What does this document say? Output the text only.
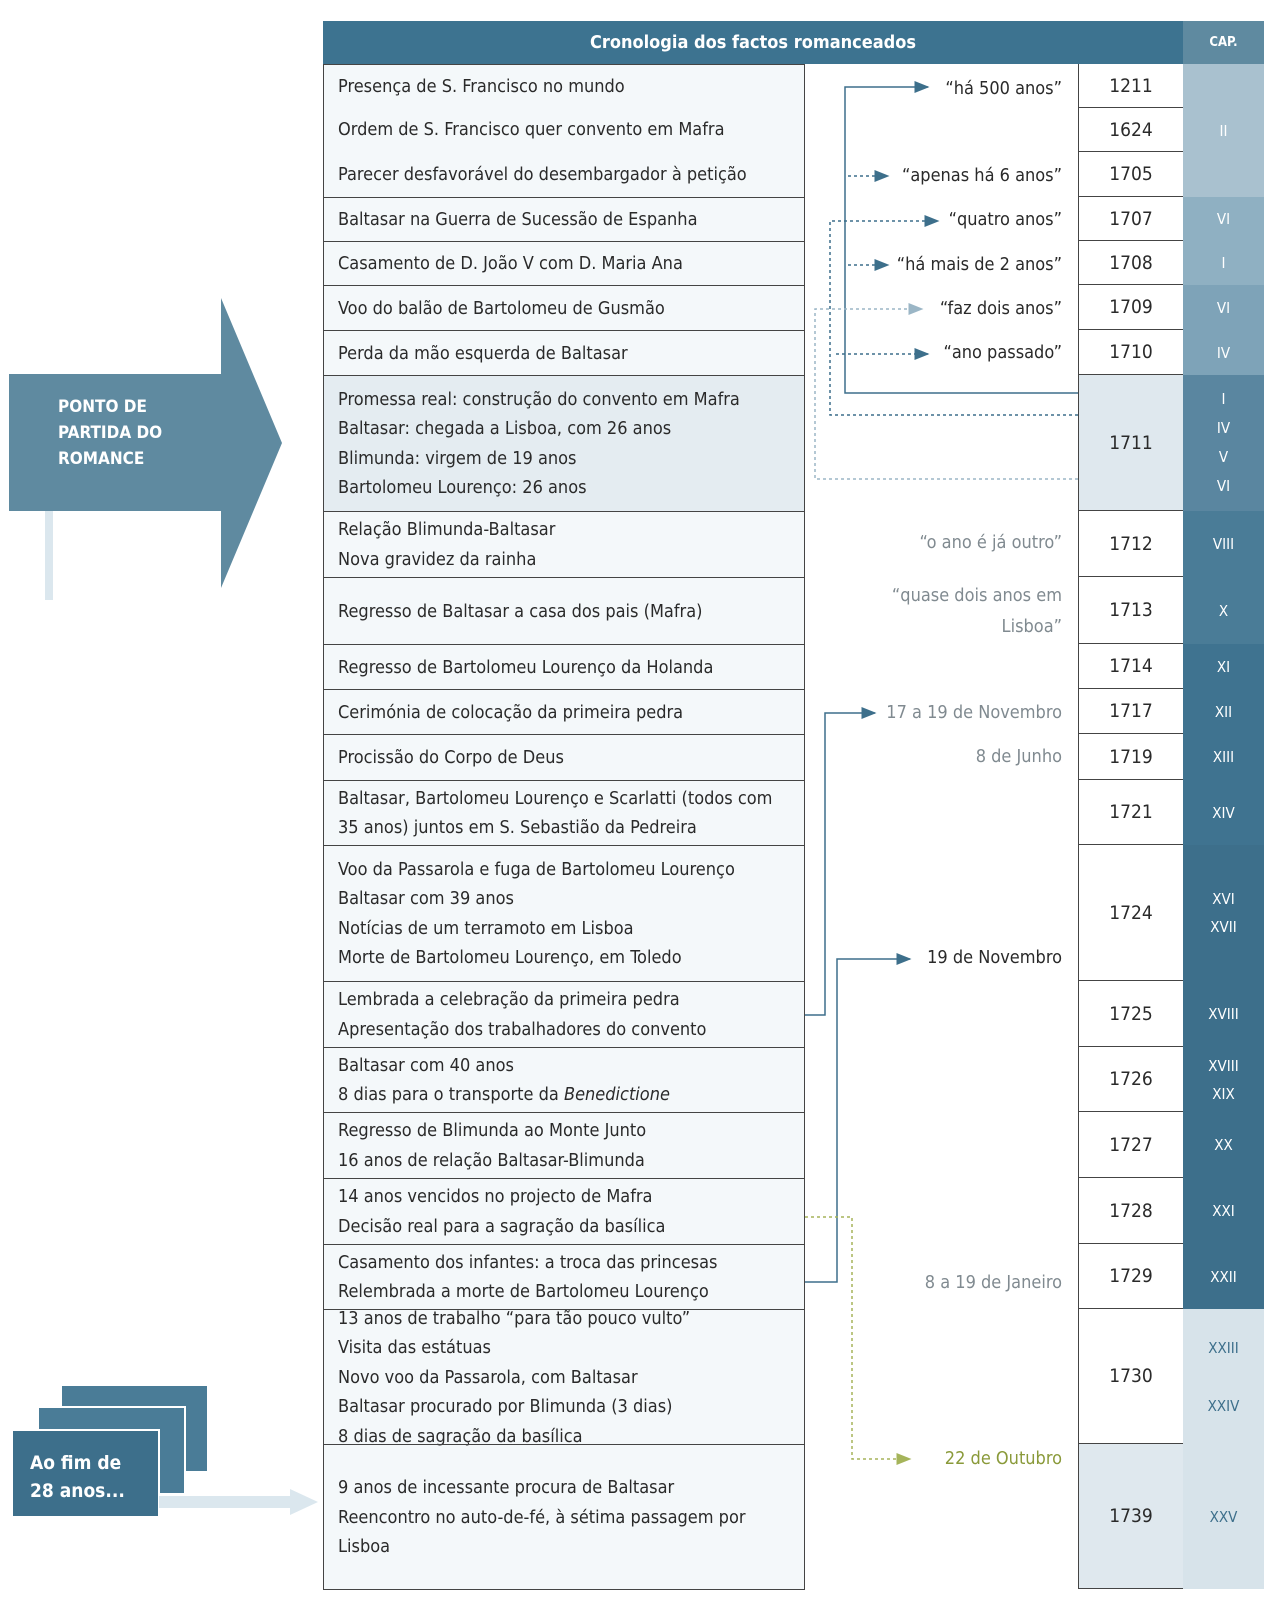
PONTO DE
PARTIDA DO
ROMANCE
Ao fim de
28 anos...
Cronologia dos factos romanceados	CAP.
Presença de S. Francisco no mundo
Ordem de S. Francisco quer convento em Mafra
Parecer desfavorável do desembargador à petição
Baltasar na Guerra de Sucessão de Espanha
Casamento de D. João V com D. Maria Ana
Voo do balão de Bartolomeu de Gusmão
Perda da mão esquerda de Baltasar
Promessa real: construção do convento em Mafra
Baltasar: chegada a Lisboa, com 26 anos
Blimunda: virgem de 19 anos
Bartolomeu Lourenço: 26 anos
Relação Blimunda-Baltasar
Nova gravidez da rainha
Regresso de Baltasar a casa dos pais (Mafra)
Regresso de Bartolomeu Lourenço da Holanda
Cerimónia de colocação da primeira pedra
Procissão do Corpo de Deus
Baltasar, Bartolomeu Lourenço e Scarlatti (todos com
35 anos) juntos em S. Sebastião da Pedreira
Voo da Passarola e fuga de Bartolomeu Lourenço
Baltasar com 39 anos
Notícias de um terramoto em Lisboa
Morte de Bartolomeu Lourenço, em Toledo
Lembrada a celebração da primeira pedra
Apresentação dos trabalhadores do convento
Baltasar com 40 anos
8 dias para o transporte da Benedictione
Regresso de Blimunda ao Monte Junto
16 anos de relação Baltasar-Blimunda
14 anos vencidos no projecto de Mafra
Decisão real para a sagração da basílica
Casamento dos infantes: a troca das princesas
Relembrada a morte de Bartolomeu Lourenço
13 anos de trabalho “para tão pouco vulto”
Visita das estátuas
Novo voo da Passarola, com Baltasar
Baltasar procurado por Blimunda (3 dias)
8 dias de sagração da basílica
9 anos de incessante procura de Baltasar
Reencontro no auto-de-fé, à sétima passagem por
Lisboa
1211
1624
1705
1707
1708
1709
1710
1711
1712
1713
1714
1717
1719
1721
1724
1725
1726
1727
1728
1729
1730
1739
II
VI
I
VI
IV
I
IV
V
VI
VIII
X
XI
XII
XIII
XIV
XVI
XVII
XVIII
XVIII
XIX
XX
XXI
XXII
XXIII
XXIV
XXV
“há 500 anos”
“apenas há 6 anos”
“quatro anos”
“há mais de 2 anos”
“faz dois anos”
“ano passado”
“o ano é já outro”
“quase dois anos em
Lisboa”
17 a 19 de Novembro
8 de Junho
19 de Novembro
8 a 19 de Janeiro
22 de Outubro
